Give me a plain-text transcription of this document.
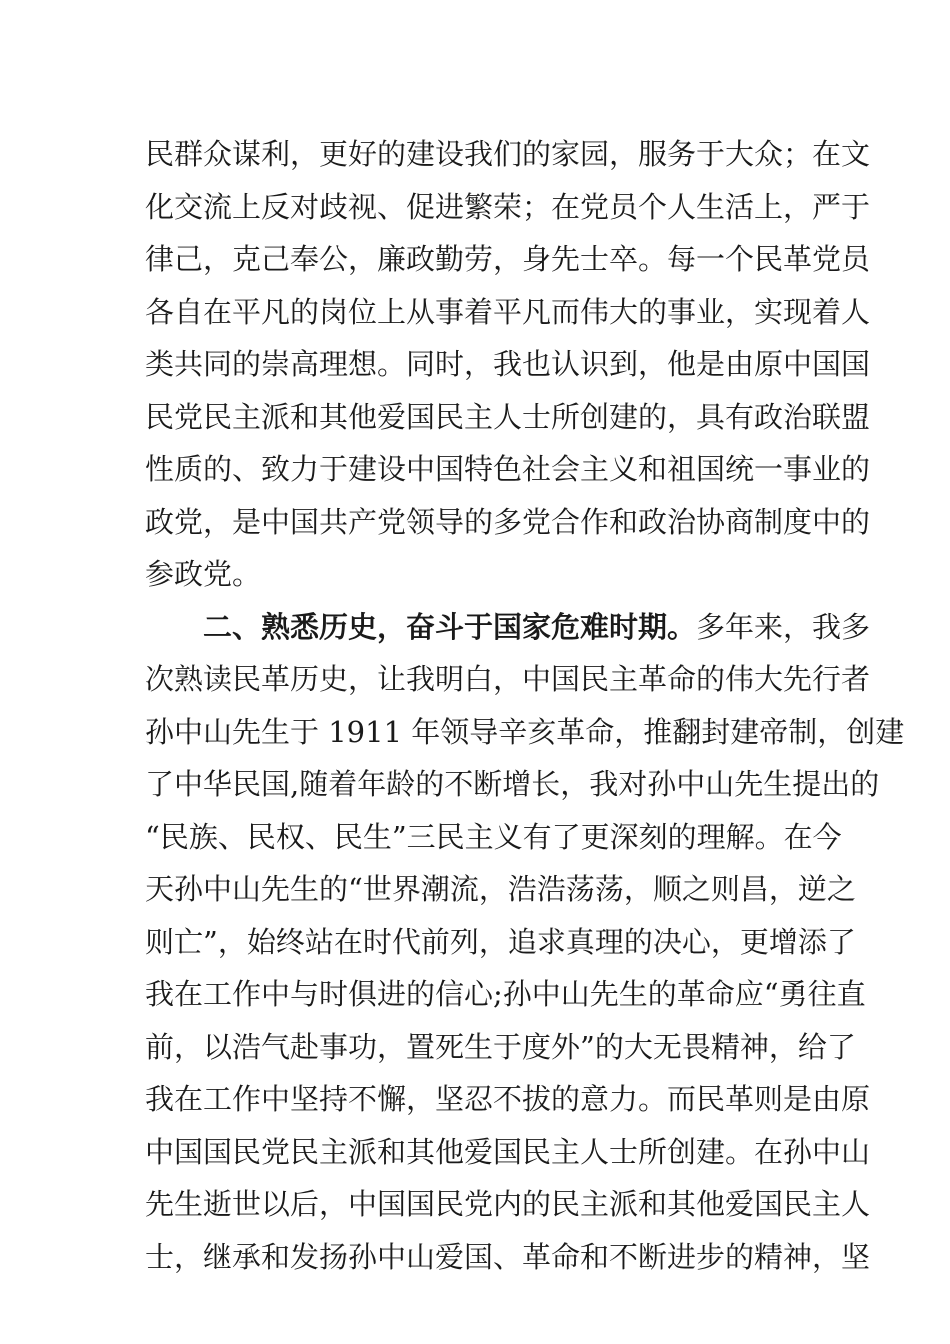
民群众谋利，更好的建设我们的家园，服务于大众；在文
化交流上反对歧视、促进繁荣；在党员个人生活上，严于
律己，克己奉公，廉政勤劳，身先士卒。每一个民革党员
各自在平凡的岗位上从事着平凡而伟大的事业，实现着人
类共同的崇高理想。同时，我也认识到，他是由原中国国
民党民主派和其他爱国民主人士所创建的，具有政治联盟
性质的、致力于建设中国特色社会主义和祖国统一事业的
政党，是中国共产党领导的多党合作和政治协商制度中的
参政党。
二、熟悉历史，奋斗于国家危难时期。多年来，我多
次熟读民革历史，让我明白，中国民主革命的伟大先行者
孙中山先生于 1911 年领导辛亥革命，推翻封建帝制，创建
了中华民国,随着年龄的不断增长，我对孙中山先生提出的
“民族、民权、民生”三民主义有了更深刻的理解。在今
天孙中山先生的“世界潮流，浩浩荡荡，顺之则昌，逆之
则亡”，始终站在时代前列，追求真理的决心，更增添了
我在工作中与时俱进的信心;孙中山先生的革命应“勇往直
前，以浩气赴事功，置死生于度外”的大无畏精神，给了
我在工作中坚持不懈，坚忍不拔的意力。而民革则是由原
中国国民党民主派和其他爱国民主人士所创建。在孙中山
先生逝世以后，中国国民党内的民主派和其他爱国民主人
士，继承和发扬孙中山爱国、革命和不断进步的精神，坚
